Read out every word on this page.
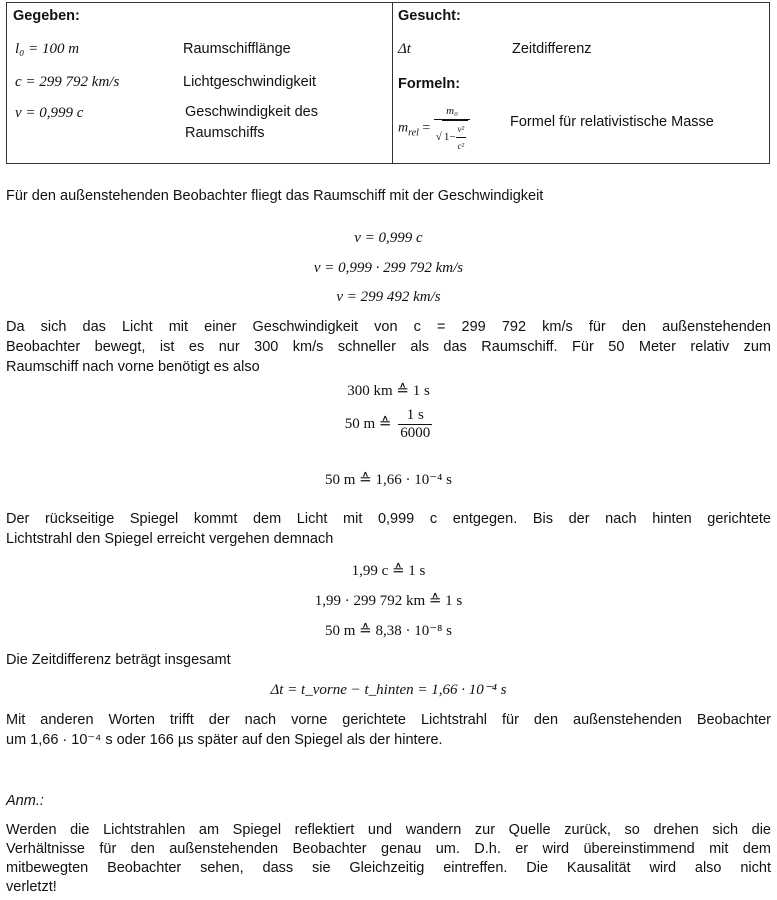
Gegeben:
l₀ = 100 m	Raumschifflänge
c = 299 792 km/s	Lichtgeschwindigkeit
v = 0,999 c	Geschwindigkeit des
Raumschiffs
Gesucht:
Δt	Zeitdifferenz
Formeln:
$m_{rel} = \frac{\text{m₀}}{√ 1- \frac{\text{v²}}{\text{c²}}}$	Formel für relativistische Masse
Für den außenstehenden Beobachter fliegt das Raumschiff mit der Geschwindigkeit
v = 0,999 c
v = 0,999 · 299 792 km/s
v = 299 492 km/s
Da sich das Licht mit einer Geschwindigkeit von c = 299 792 km/s für den außenstehenden
Beobachter bewegt, ist es nur 300 km/s schneller als das Raumschiff. Für 50 Meter relativ zum
Raumschiff nach vorne benötigt es also
300 km ≙ 1 s
50 m ≙ $\frac{1 s}{6000}$
50 m ≙ 1,66 · 10⁻⁴ s
Der rückseitige Spiegel kommt dem Licht mit 0,999 c entgegen. Bis der nach hinten gerichtete
Lichtstrahl den Spiegel erreicht vergehen demnach
1,99 c ≙ 1 s
1,99 · 299 792 km ≙ 1 s
50 m ≙ 8,38 · 10⁻⁸ s
Die Zeitdifferenz beträgt insgesamt
Δt = t_vorne − t_hinten = 1,66 · 10⁻⁴ s
Mit anderen Worten trifft der nach vorne gerichtete Lichtstrahl für den außenstehenden Beobachter
um 1,66 · 10⁻⁴ s oder 166 µs später auf den Spiegel als der hintere.
Anm.:
Werden die Lichtstrahlen am Spiegel reflektiert und wandern zur Quelle zurück, so drehen sich die
Verhältnisse für den außenstehenden Beobachter genau um. D.h. er wird übereinstimmend mit dem
mitbewegten Beobachter sehen, dass sie Gleichzeitig eintreffen. Die Kausalität wird also nicht
verletzt!
